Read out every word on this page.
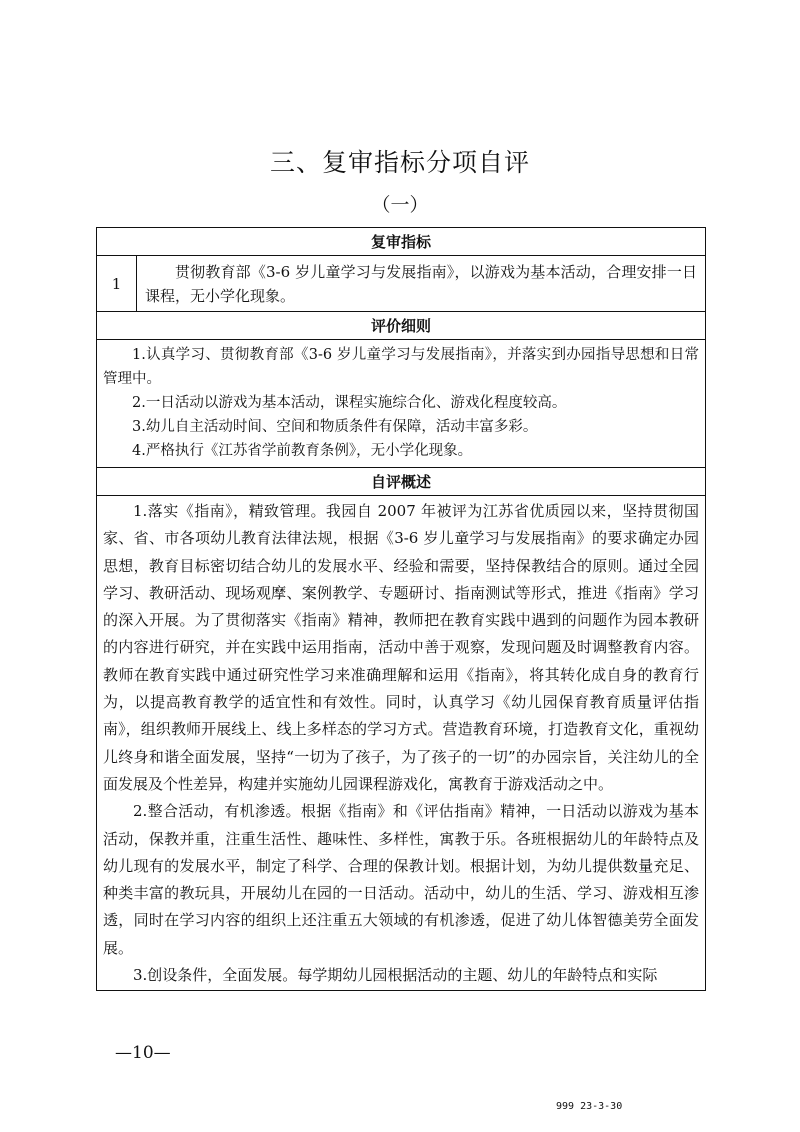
三、复审指标分项自评
（一）
复审指标
1
贯彻教育部《3-6 岁儿童学习与发展指南》，以游戏为基本活动，合理安排一日课程，无小学化现象。
评价细则

1.认真学习、贯彻教育部《3-6 岁儿童学习与发展指南》，并落实到办园指导思想和日常管理中。

2.一日活动以游戏为基本活动，课程实施综合化、游戏化程度较高。

3.幼儿自主活动时间、空间和物质条件有保障，活动丰富多彩。

4.严格执行《江苏省学前教育条例》，无小学化现象。

自评概述

1.落实《指南》，精致管理。我园自 2007 年被评为江苏省优质园以来，坚持贯彻国家、省、市各项幼儿教育法律法规，根据《3-6 岁儿童学习与发展指南》的要求确定办园思想，教育目标密切结合幼儿的发展水平、经验和需要，坚持保教结合的原则。通过全园学习、教研活动、现场观摩、案例教学、专题研讨、指南测试等形式，推进《指南》学习的深入开展。为了贯彻落实《指南》精神，教师把在教育实践中遇到的问题作为园本教研的内容进行研究，并在实践中运用指南，活动中善于观察，发现问题及时调整教育内容。教师在教育实践中通过研究性学习来准确理解和运用《指南》，将其转化成自身的教育行为，以提高教育教学的适宜性和有效性。同时，认真学习《幼儿园保育教育质量评估指南》，组织教师开展线上、线上多样态的学习方式。营造教育环境，打造教育文化，重视幼儿终身和谐全面发展，坚持“一切为了孩子，为了孩子的一切”的办园宗旨，关注幼儿的全面发展及个性差异，构建并实施幼儿园课程游戏化，寓教育于游戏活动之中。

2.整合活动，有机渗透。根据《指南》和《评估指南》精神，一日活动以游戏为基本活动，保教并重，注重生活性、趣味性、多样性，寓教于乐。各班根据幼儿的年龄特点及幼儿现有的发展水平，制定了科学、合理的保教计划。根据计划，为幼儿提供数量充足、种类丰富的教玩具，开展幼儿在园的一日活动。活动中，幼儿的生活、学习、游戏相互渗透，同时在学习内容的组织上还注重五大领域的有机渗透，促进了幼儿体智德美劳全面发展。

3.创设条件，全面发展。每学期幼儿园根据活动的主题、幼儿的年龄特点和实际

—10—
999 23-3-30
